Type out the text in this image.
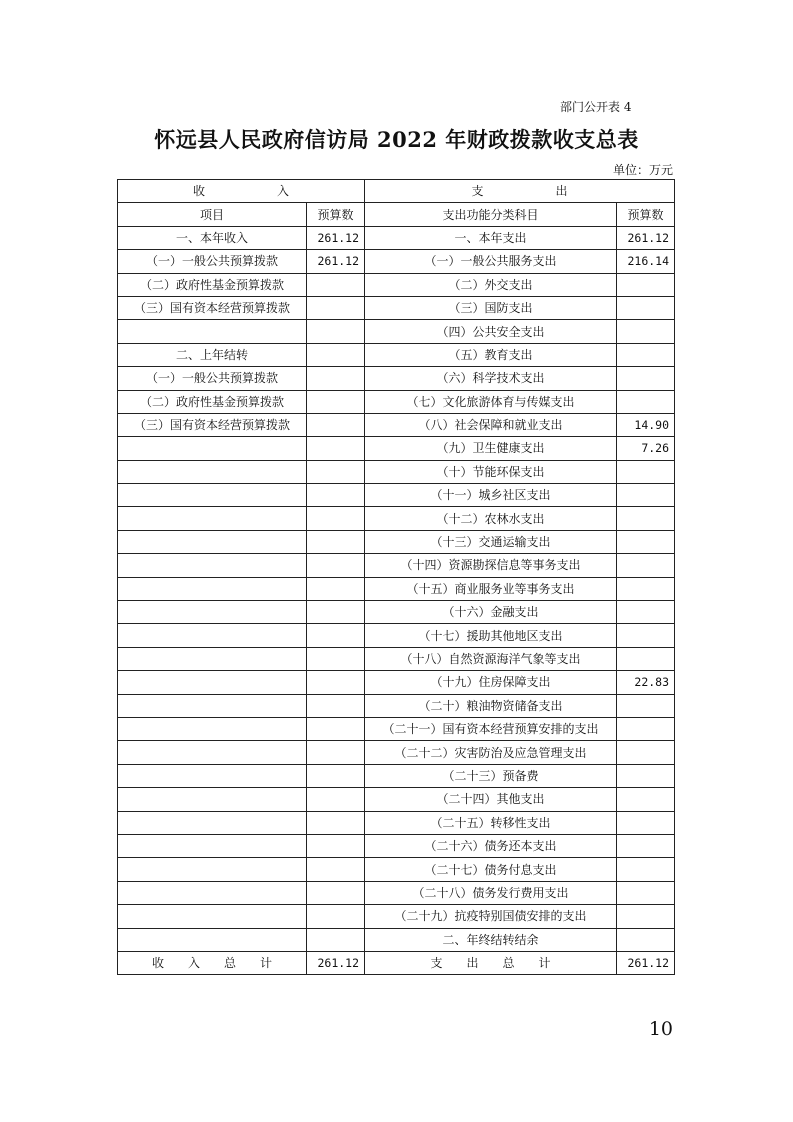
部门公开表 4
怀远县人民政府信访局 2022 年财政拨款收支总表
单位：万元
收　　　　　　入		支　　　　　　出	
项目	预算数	支出功能分类科目	预算数
一、本年收入	261.12	一、本年支出	261.12
（一）一般公共预算拨款	261.12	（一）一般公共服务支出	216.14
（二）政府性基金预算拨款		（二）外交支出	
（三）国有资本经营预算拨款		（三）国防支出	
		（四）公共安全支出	
二、上年结转		（五）教育支出	
（一）一般公共预算拨款		（六）科学技术支出	
（二）政府性基金预算拨款		（七）文化旅游体育与传媒支出	
（三）国有资本经营预算拨款		（八）社会保障和就业支出	14.90
		（九）卫生健康支出	7.26
		（十）节能环保支出	
		（十一）城乡社区支出	
		（十二）农林水支出	
		（十三）交通运输支出	
		（十四）资源勘探信息等事务支出	
		（十五）商业服务业等事务支出	
		（十六）金融支出	
		（十七）援助其他地区支出	
		（十八）自然资源海洋气象等支出	
		（十九）住房保障支出	22.83
		（二十）粮油物资储备支出	
		（二十一）国有资本经营预算安排的支出	
		（二十二）灾害防治及应急管理支出	
		（二十三）预备费	
		（二十四）其他支出	
		（二十五）转移性支出	
		（二十六）债务还本支出	
		（二十七）债务付息支出	
		（二十八）债务发行费用支出	
		（二十九）抗疫特别国债安排的支出	
		二、年终结转结余	
收　　入　　总　　计	261.12	支　　出　　总　　计	261.12
10
